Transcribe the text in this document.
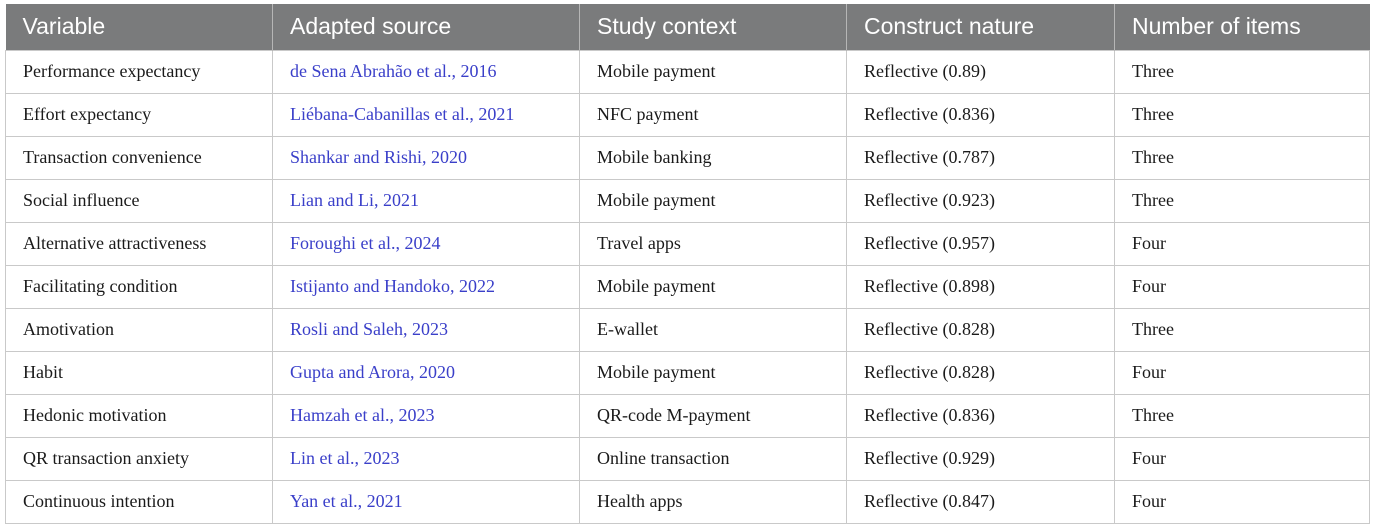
Variable	Adapted source	Study context	Construct nature	Number of items
Performance expectancy	de Sena Abrahão et al., 2016	Mobile payment	Reflective (0.89)	Three
Effort expectancy	Liébana-Cabanillas et al., 2021	NFC payment	Reflective (0.836)	Three
Transaction convenience	Shankar and Rishi, 2020	Mobile banking	Reflective (0.787)	Three
Social influence	Lian and Li, 2021	Mobile payment	Reflective (0.923)	Three
Alternative attractiveness	Foroughi et al., 2024	Travel apps	Reflective (0.957)	Four
Facilitating condition	Istijanto and Handoko, 2022	Mobile payment	Reflective (0.898)	Four
Amotivation	Rosli and Saleh, 2023	E-wallet	Reflective (0.828)	Three
Habit	Gupta and Arora, 2020	Mobile payment	Reflective (0.828)	Four
Hedonic motivation	Hamzah et al., 2023	QR-code M-payment	Reflective (0.836)	Three
QR transaction anxiety	Lin et al., 2023	Online transaction	Reflective (0.929)	Four
Continuous intention	Yan et al., 2021	Health apps	Reflective (0.847)	Four
